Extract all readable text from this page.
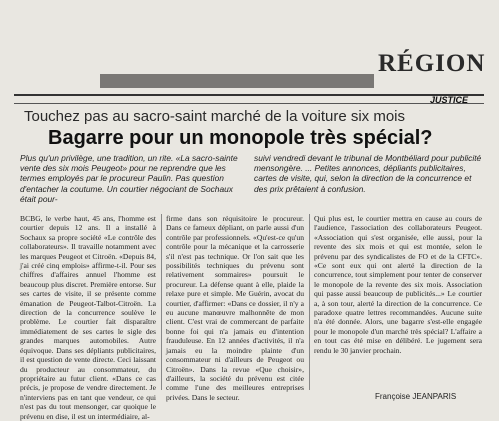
RÉGION
JUSTICE
Touchez pas au sacro-saint marché de la voiture six mois
Bagarre pour un monopole très spécial?

Plus qu'un privilège, une tradition, un rite. «La sacro-sainte vente des six mois Peugeot» pour ne reprendre que les termes employés par le procureur Paulin. Pas question d'entacher la coutume. Un courtier négociant de Sochaux était pour-

suivi vendredi devant le tribunal de Montbéliard pour publicité mensongère. ... Petites annonces, dépliants publicitaires, cartes de visite, qui, selon la direction de la concurrence et des prix prêtaient à confusion.

BCBG, le verbe haut, 45 ans, l'homme est courtier depuis 12 ans. Il a installé à Sochaux sa propre société «Le contrôle des collaborateurs». Il travaille notamment avec les marques Peugeot et Citroën. «Depuis 84, j'ai créé cinq emplois» affirme-t-il. Pour ses chiffres d'affaires annuel l'homme est beaucoup plus discret. Première entorse. Sur ses cartes de visite, il se présente comme émanation de Peugeot-Talbot-Citroën. La direction de la concurrence soulève le problème. Le courtier fait disparaître immédiatement de ses cartes le sigle des grandes marques automobiles. Autre équivoque. Dans ses dépliants publicitaires, il est question de vente directe. Ceci laissant du producteur au consommateur, du propriétaire au futur client. «Dans ce cas précis, je propose de vendre directement. Je n'interviens pas en tant que vendeur, ce qui n'est pas du tout mensonger, car quoique le prévenu en dise, il est un intermédiaire, al-

firme dans son réquisitoire le procureur. Dans ce fameux dépliant, on parle aussi d'un contrôle par professionnels. «Qu'est-ce qu'un contrôle pour la mécanique et la carrosserie s'il n'est pas technique. Or l'on sait que les possibilités techniques du prévenu sont relativement sommaires» poursuit le procureur. La défense quant à elle, plaide la relaxe pure et simple. Me Guérin, avocat du courtier, d'affirmer: «Dans ce dossier, il n'y a eu aucune manœuvre malhonnête de mon client. C'est vrai de commercant de parfaite bonne foi qui n'a jamais eu d'intention frauduleuse. En 12 années d'activités, il n'a jamais eu la moindre plainte d'un consommateur ni d'ailleurs de Peugeot ou Citroën». Dans la revue «Que choisir», d'ailleurs, la société du prévenu est citée comme l'une des meilleures entreprises privées. Dans le secteur.

Qui plus est, le courtier mettra en cause au cours de l'audience, l'association des collaborateurs Peugeot. «Association qui s'est organisée, elle aussi, pour la revente des six mois et qui est montée, selon le prévenu par des syndicalistes de FO et de la CFTC». «Ce sont eux qui ont alerté la direction de la concurrence, tout simplement pour tenter de conserver le monopole de la revente des six mois. Association qui passe aussi beaucoup de publicités...» Le courtier a, à son tour, alerté la direction de la concurrence. Ce paradoxe quatre lettres recommandées. Aucune suite n'a été donnée. Alors, une bagarre s'est-elle engagée pour le monopole d'un marché très spécial? L'affaire a en tout cas été mise en délibéré. Le jugement sera rendu le 30 janvier prochain.

Françoise JEANPARIS
